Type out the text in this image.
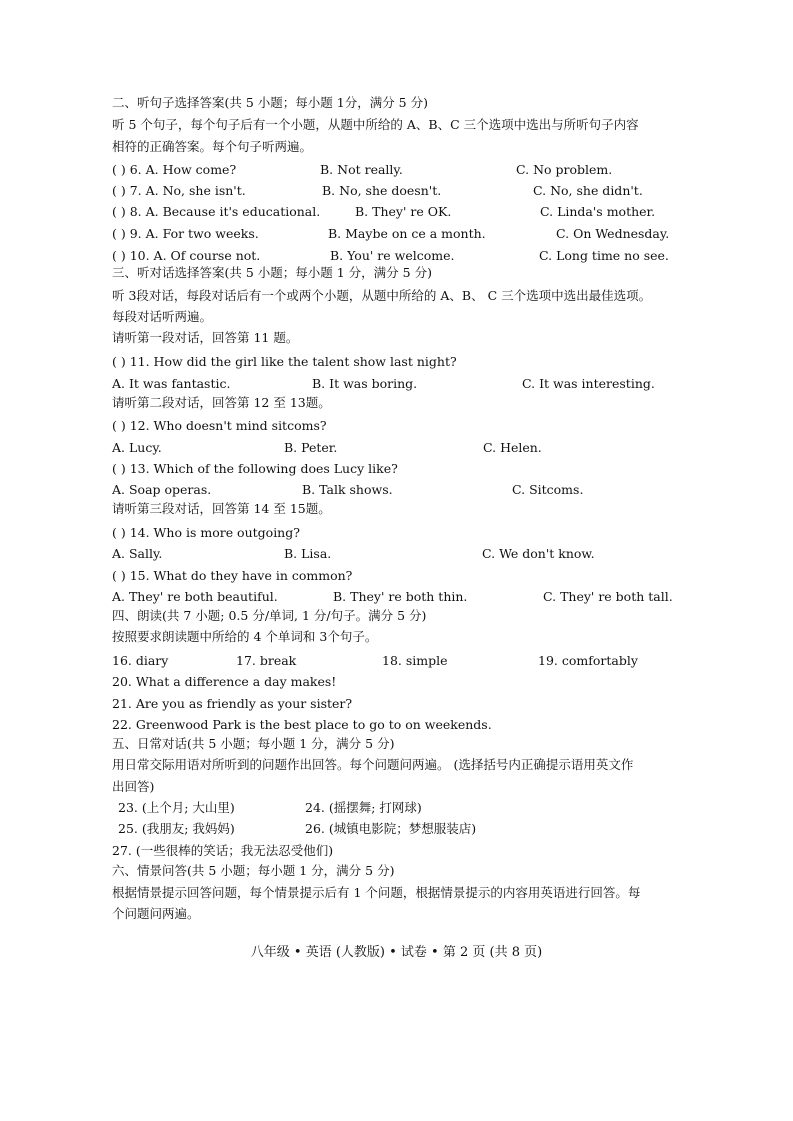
二、听句子选择答案(共 5 小题；每小题 1分，满分 5 分)
听 5 个句子，每个句子后有一个小题，从题中所给的 A、B、C 三个选项中选出与所听句子内容
相符的正确答案。每个句子听两遍。
( ) 6. A. How come?	B. Not really.	C. No problem.
( ) 7. A. No, she isn't.	B. No, she doesn't.	C. No, she didn't.
( ) 8. A. Because it's educational.	B. They' re OK.	C. Linda's mother.
( ) 9. A. For two weeks.	B. Maybe on ce a month.	C. On Wednesday.
( ) 10. A. Of course not.	B. You' re welcome.	C. Long time no see.
三、听对话选择答案(共 5 小题；每小题 1 分，满分 5 分)
听 3段对话，每段对话后有一个或两个小题，从题中所给的 A、B、 C 三个选项中选出最佳选项。
每段对话听两遍。
请听第一段对话，回答第 11 题。
( ) 11. How did the girl like the talent show last night?
A. It was fantastic.	B. It was boring.	C. It was interesting.
请听第二段对话，回答第 12 至 13题。
( ) 12. Who doesn't mind sitcoms?
A. Lucy.	B. Peter.	C. Helen.
( ) 13. Which of the following does Lucy like?
A. Soap operas.	B. Talk shows.	C. Sitcoms.
请听第三段对话，回答第 14 至 15题。
( ) 14. Who is more outgoing?
A. Sally.	B. Lisa.	C. We don't know.
( ) 15. What do they have in common?
A. They' re both beautiful.	B. They' re both thin.	C. They' re both tall.
四、朗读(共 7 小题; 0.5 分/单词, 1 分/句子。满分 5 分)
按照要求朗读题中所给的 4 个单词和 3个句子。
16. diary	17. break	18. simple	19. comfortably
20. What a difference a day makes!
21. Are you as friendly as your sister?
22. Greenwood Park is the best place to go to on weekends.
五、日常对话(共 5 小题；每小题 1 分，满分 5 分)
用日常交际用语对所听到的问题作出回答。每个问题问两遍。 (选择括号内正确提示语用英文作
出回答)
23. (上个月; 大山里)	24. (摇摆舞; 打网球)
25. (我朋友; 我妈妈)	26. (城镇电影院；梦想服装店)
27. (一些很棒的笑话；我无法忍受他们)
六、情景问答(共 5 小题；每小题 1 分，满分 5 分)
根据情景提示回答问题，每个情景提示后有 1 个问题，根据情景提示的内容用英语进行回答。每
个问题问两遍。
八年级 • 英语 (人教版) • 试卷 • 第 2 页 (共 8 页)
